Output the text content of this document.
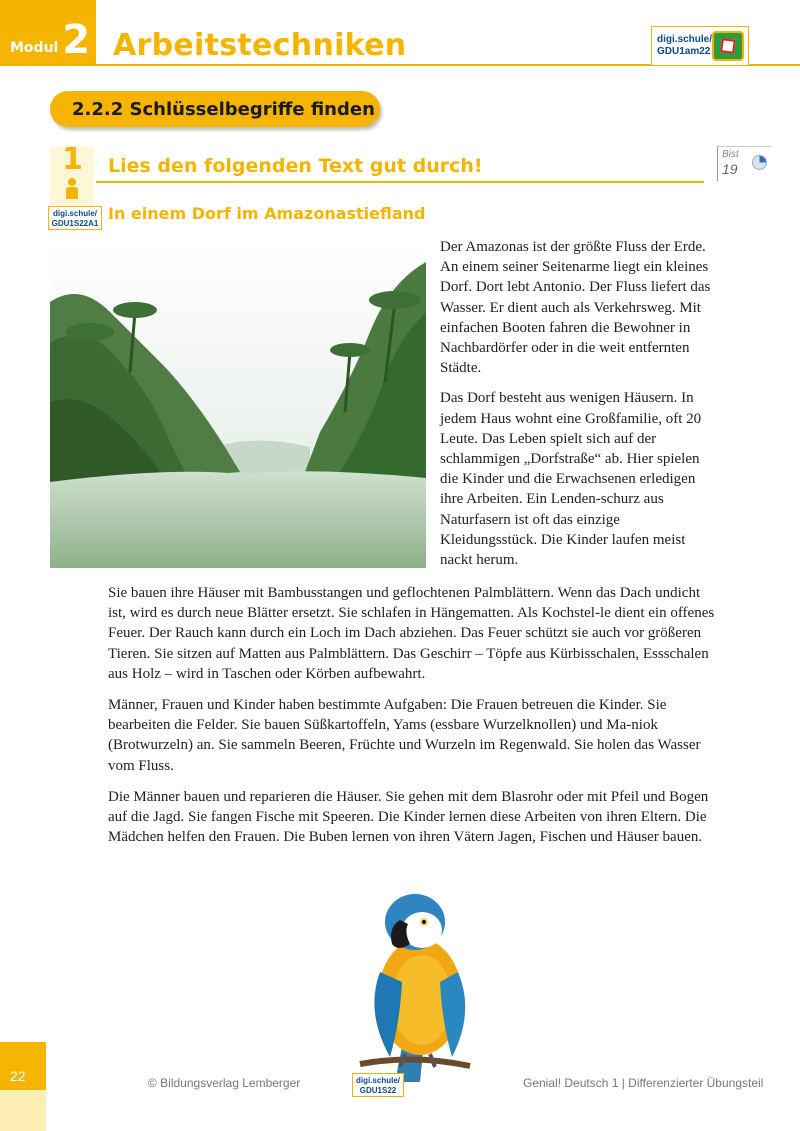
Modul 2 Arbeitstechniken	digi.schule/
GDU1am22
2.2.2 Schlüsselbegriffe finden
1 Lies den folgenden Text gut durch!
Bist
19
digi.schule/
GDU1S22A1
In einem Dorf im Amazonastiefland

Der Amazonas ist der größte Fluss der Erde. An einem seiner Seitenarme liegt ein kleines Dorf. Dort lebt Antonio. Der Fluss liefert das Wasser. Er dient auch als Verkehrsweg. Mit einfachen Booten fahren die Bewohner in Nachbardörfer oder in die weit entfernten Städte.

Das Dorf besteht aus wenigen Häusern. In jedem Haus wohnt eine Großfamilie, oft 20 Leute. Das Leben spielt sich auf der schlammigen „Dorfstraße“ ab. Hier spielen die Kinder und die Erwachsenen erledigen ihre Arbeiten. Ein Lenden-schurz aus Naturfasern ist oft das einzige Kleidungsstück. Die Kinder laufen meist nackt herum.

Sie bauen ihre Häuser mit Bambusstangen und geflochtenen Palmblättern. Wenn das Dach undicht ist, wird es durch neue Blätter ersetzt. Sie schlafen in Hängematten. Als Kochstel-le dient ein offenes Feuer. Der Rauch kann durch ein Loch im Dach abziehen. Das Feuer schützt sie auch vor größeren Tieren. Sie sitzen auf Matten aus Palmblättern. Das Geschirr – Töpfe aus Kürbisschalen, Essschalen aus Holz – wird in Taschen oder Körben aufbewahrt.

Männer, Frauen und Kinder haben bestimmte Aufgaben: Die Frauen betreuen die Kinder. Sie bearbeiten die Felder. Sie bauen Süßkartoffeln, Yams (essbare Wurzelknollen) und Ma-niok (Brotwurzeln) an. Sie sammeln Beeren, Früchte und Wurzeln im Regenwald. Sie holen das Wasser vom Fluss.

Die Männer bauen und reparieren die Häuser. Sie gehen mit dem Blasrohr oder mit Pfeil und Bogen auf die Jagd. Sie fangen Fische mit Speeren. Die Kinder lernen diese Arbeiten von ihren Eltern. Die Mädchen helfen den Frauen. Die Buben lernen von ihren Vätern Jagen, Fischen und Häuser bauen.

22	© Bildungsverlag Lemberger	digi.schule/
GDU1S22
Genial! Deutsch 1 | Differenzierter Übungsteil
